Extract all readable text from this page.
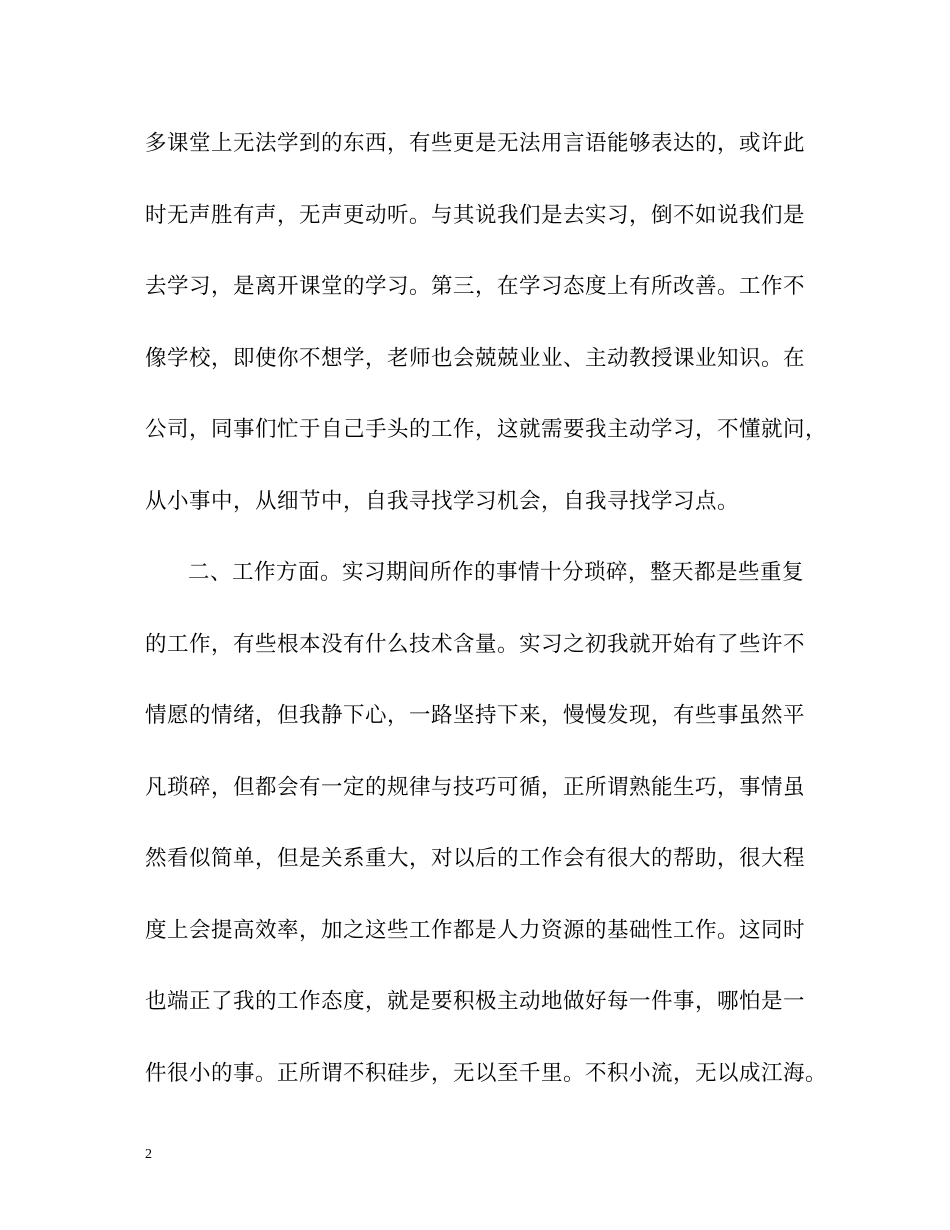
多课堂上无法学到的东西，有些更是无法用言语能够表达的，或许此
时无声胜有声，无声更动听。与其说我们是去实习，倒不如说我们是
去学习，是离开课堂的学习。第三，在学习态度上有所改善。工作不
像学校，即使你不想学，老师也会兢兢业业、主动教授课业知识。在
公司，同事们忙于自己手头的工作，这就需要我主动学习，不懂就问，
从小事中，从细节中，自我寻找学习机会，自我寻找学习点。
二、工作方面。实习期间所作的事情十分琐碎，整天都是些重复
的工作，有些根本没有什么技术含量。实习之初我就开始有了些许不
情愿的情绪，但我静下心，一路坚持下来，慢慢发现，有些事虽然平
凡琐碎，但都会有一定的规律与技巧可循，正所谓熟能生巧，事情虽
然看似简单，但是关系重大，对以后的工作会有很大的帮助，很大程
度上会提高效率，加之这些工作都是人力资源的基础性工作。这同时
也端正了我的工作态度，就是要积极主动地做好每一件事，哪怕是一
件很小的事。正所谓不积硅步，无以至千里。不积小流，无以成江海。
2
